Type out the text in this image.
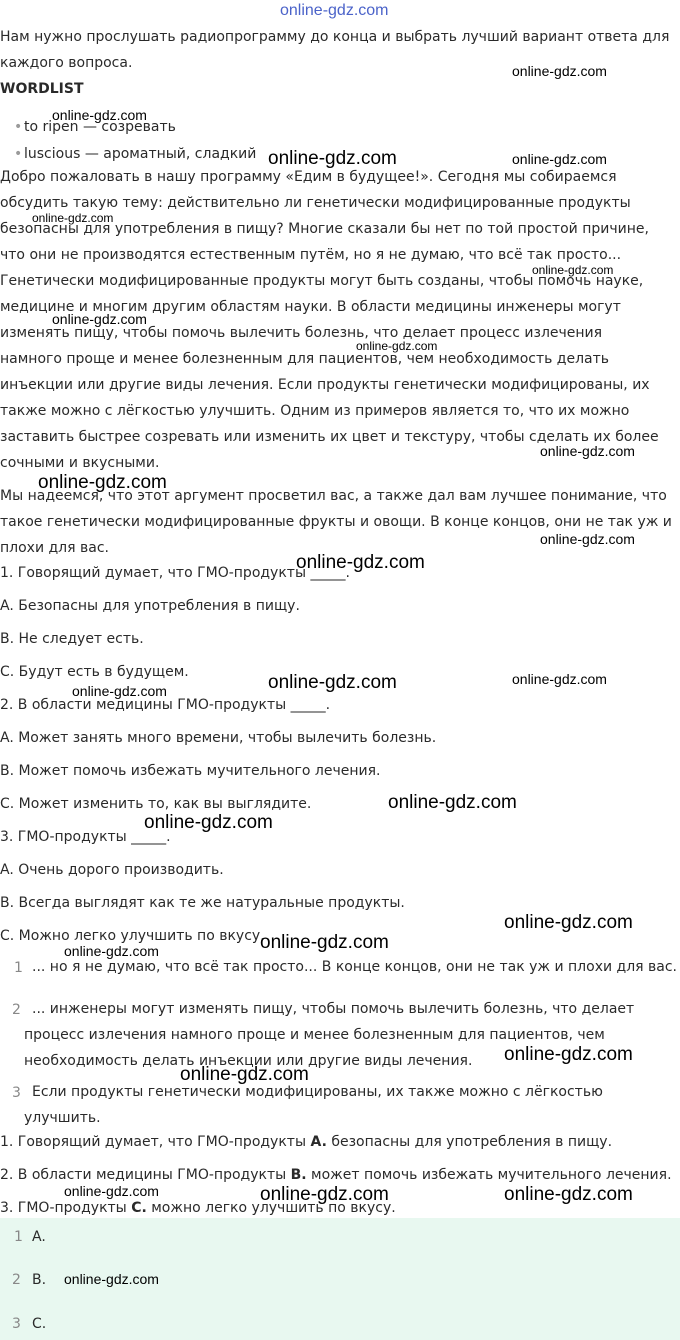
Нам нужно прослушать радиопрограмму до конца и выбрать лучший вариант ответа для
каждого вопроса.
WORDLIST
• to ripen — созревать
• luscious — ароматный, сладкий
Добро пожаловать в нашу программу «Едим в будущее!». Сегодня мы собираемся
обсудить такую тему: действительно ли генетически модифицированные продукты
безопасны для употребления в пищу? Многие сказали бы нет по той простой причине,
что они не производятся естественным путём, но я не думаю, что всё так просто...
Генетически модифицированные продукты могут быть созданы, чтобы помочь науке,
медицине и многим другим областям науки. В области медицины инженеры могут
изменять пищу, чтобы помочь вылечить болезнь, что делает процесс излечения
намного проще и менее болезненным для пациентов, чем необходимость делать
инъекции или другие виды лечения. Если продукты генетически модифицированы, их
также можно с лёгкостью улучшить. Одним из примеров является то, что их можно
заставить быстрее созревать или изменить их цвет и текстуру, чтобы сделать их более
сочными и вкусными.
Мы надеемся, что этот аргумент просветил вас, а также дал вам лучшее понимание, что
такое генетически модифицированные фрукты и овощи. В конце концов, они не так уж и
плохи для вас.
1. Говорящий думает, что ГМО-продукты _____.
A. Безопасны для употребления в пищу.
B. Не следует есть.
C. Будут есть в будущем.
2. В области медицины ГМО-продукты _____.
A. Может занять много времени, чтобы вылечить болезнь.
B. Может помочь избежать мучительного лечения.
C. Может изменить то, как вы выглядите.
3. ГМО-продукты _____.
A. Очень дорого производить.
B. Всегда выглядят как те же натуральные продукты.
C. Можно легко улучшить по вкусу.
1 ... но я не думаю, что всё так просто... В конце концов, они не так уж и плохи для вас.
2 ... инженеры могут изменять пищу, чтобы помочь вылечить болезнь, что делает
процесс излечения намного проще и менее болезненным для пациентов, чем
необходимость делать инъекции или другие виды лечения.
3 Если продукты генетически модифицированы, их также можно с лёгкостью
улучшить.
1. Говорящий думает, что ГМО-продукты A. безопасны для употребления в пищу.
2. В области медицины ГМО-продукты B. может помочь избежать мучительного лечения.
3. ГМО-продукты C. можно легко улучшить по вкусу.
1 A.
2 B.
3 C.
online-gdz.com
online-gdz.com
online-gdz.com
online-gdz.com	online-gdz.com
online-gdz.com
online-gdz.com
online-gdz.com
online-gdz.com
online-gdz.com
online-gdz.com
online-gdz.com
online-gdz.com
online-gdz.com	online-gdz.com
online-gdz.com
online-gdz.com
online-gdz.com
online-gdz.com
online-gdz.com
online-gdz.com
online-gdz.com
online-gdz.com
online-gdz.com	online-gdz.com	online-gdz.com
online-gdz.com
